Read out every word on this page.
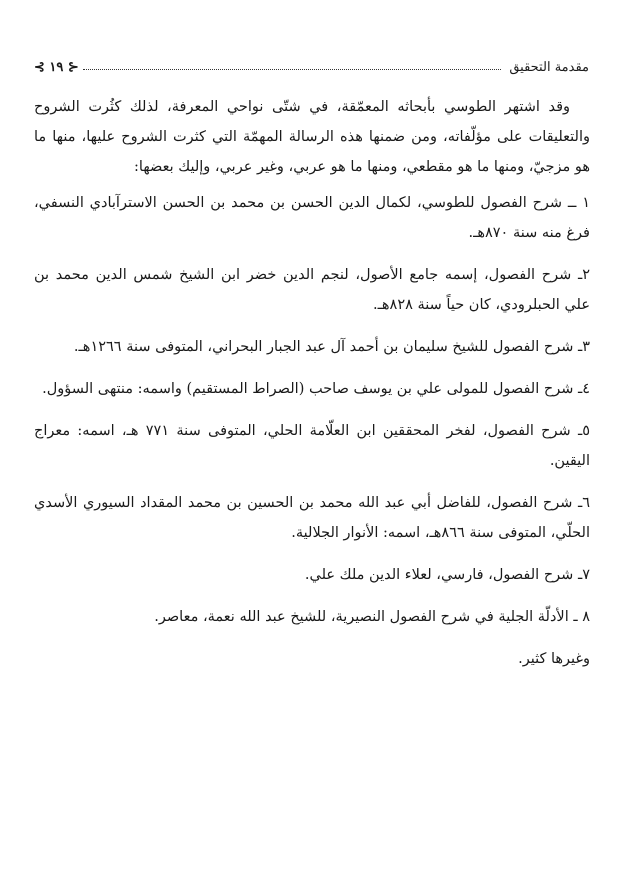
مقدمة التحقيق
⊰ ١٩ ⊱

وقد اشتهر الطوسي بأبحاثه المعمّقة، في شتّى نواحي المعرفة، لذلك كثُرت الشروح والتعليقات على مؤلّفاته، ومن ضمنها هذه الرسالة المهمّة التي كثرت الشروح عليها، منها ما هو مزجيّ، ومنها ما هو مقطعي، ومنها ما هو عربي، وغير عربي، وإليك بعضها:

١ ــ شرح الفصول للطوسي، لكمال الدين الحسن بن محمد بن الحسن الاسترآبادي النسفي، فرغ منه سنة ٨٧٠هـ.

٢ـ شرح الفصول، إسمه جامع الأصول، لنجم الدين خضر ابن الشيخ شمس الدين محمد بن علي الحبلرودي، كان حياً سنة ٨٢٨هـ.

٣ـ شرح الفصول للشيخ سليمان بن أحمد آل عبد الجبار البحراني، المتوفى سنة ١٢٦٦هـ.

٤ـ شرح الفصول للمولى علي بن يوسف صاحب (الصراط المستقيم) واسمه: منتهى السؤول.

٥ـ شرح الفصول، لفخر المحققين ابن العلّامة الحلي، المتوفى سنة ٧٧١ هـ، اسمه: معراج اليقين.

٦ـ شرح الفصول، للفاضل أبي عبد الله محمد بن الحسين بن محمد المقداد السيوري الأسدي الحلّي، المتوفى سنة ٨٦٦هـ، اسمه: الأنوار الجلالية.

٧ـ شرح الفصول، فارسي، لعلاء الدين ملك علي.

٨ ـ الأدلّة الجلية في شرح الفصول النصيرية، للشيخ عبد الله نعمة، معاصر.

وغيرها كثير.
